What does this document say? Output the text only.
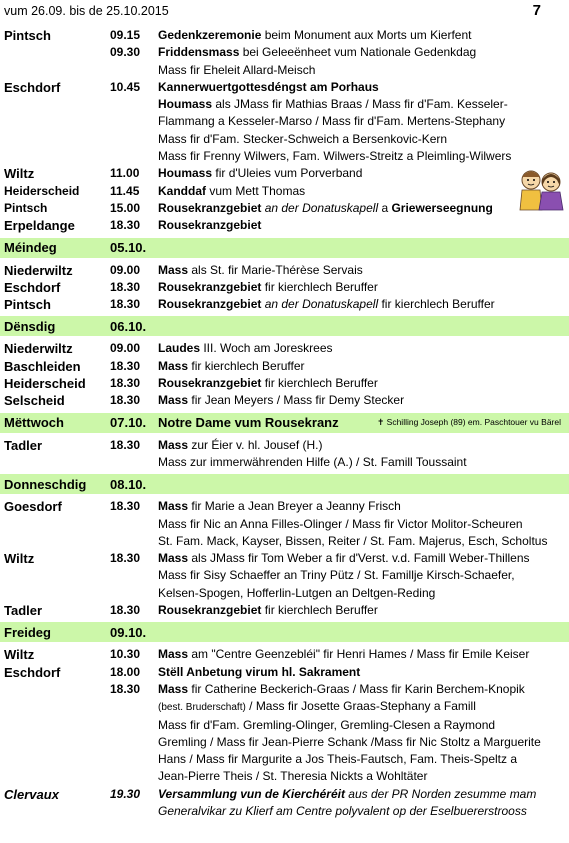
vum 26.09. bis de 25.10.2015	7
Pintsch	09.15	Gedenkzeremonie beim Monument aux Morts um Kierfent
09.30	Friddensmass bei Geleeënheet vum Nationale Gedenkdag
Mass fir Eheleit Allard-Meisch
Eschdorf	10.45	Kannerwuertgottesdéngst am Porhaus
Houmass als JMass fir Mathias Braas / Mass fir d'Fam. Kesseler-
Flammang a Kesseler-Marso / Mass fir d'Fam. Mertens-Stephany
Mass fir d'Fam. Stecker-Schweich a Bersenkovic-Kern
Mass fir Frenny Wilwers, Fam. Wilwers-Streitz a Pleimling-Wilwers
Wiltz	11.00	Houmass fir d'Uleies vum Porverband
Heiderscheid	11.45	Kanddaf vum Mett Thomas
Pintsch	15.00	Rousekranzgebiet an der Donatuskapell a Griewerseegnung
Erpeldange	18.30	Rousekranzgebiet
Méindeg	05.10.
Niederwiltz	09.00	Mass als St. fir Marie-Thérèse Servais
Eschdorf	18.30	Rousekranzgebiet fir kierchlech Beruffer
Pintsch	18.30	Rousekranzgebiet an der Donatuskapell fir kierchlech Beruffer
Dënsdig	06.10.
Niederwiltz	09.00	Laudes III. Woch am Joreskrees
Baschleiden	18.30	Mass fir kierchlech Beruffer
Heiderscheid	18.30	Rousekranzgebiet fir kierchlech Beruffer
Selscheid	18.30	Mass fir Jean Meyers / Mass fir Demy Stecker
Mëttwoch	07.10. Notre Dame vum Rousekranz	✝ Schilling Joseph (89) em. Paschtouer vu Bärel
Tadler	18.30	Mass zur Éier v. hl. Jousef (H.)
Mass zur immerwährenden Hilfe (A.) / St. Famill Toussaint
Donneschdig	08.10.
Goesdorf	18.30	Mass fir Marie a Jean Breyer a Jeanny Frisch
Mass fir Nic an Anna Filles-Olinger / Mass fir Victor Molitor-Scheuren
St. Fam. Mack, Kayser, Bissen, Reiter / St. Fam. Majerus, Esch, Scholtus
Wiltz	18.30	Mass als JMass fir Tom Weber a fir d'Verst. v.d. Famill Weber-Thillens
Mass fir Sisy Schaeffer an Triny Pütz / St. Famillje Kirsch-Schaefer,
Kelsen-Spogen, Hofferlin-Lutgen an Deltgen-Reding
Tadler	18.30	Rousekranzgebiet fir kierchlech Beruffer
Freideg	09.10.
Wiltz	10.30	Mass am "Centre Geenzebléi" fir Henri Hames / Mass fir Emile Keiser
Eschdorf	18.00	Stëll Anbetung virum hl. Sakrament
18.30	Mass fir Catherine Beckerich-Graas / Mass fir Karin Berchem-Knopik
(best. Bruderschaft) / Mass fir Josette Graas-Stephany a Famill
Mass fir d'Fam. Gremling-Olinger, Gremling-Clesen a Raymond
Gremling / Mass fir Jean-Pierre Schank /Mass fir Nic Stoltz a Marguerite
Hans / Mass fir Margurite a Jos Theis-Fautsch, Fam. Theis-Speltz a
Jean-Pierre Theis / St. Theresia Nickts a Wohltäter
Clervaux	19.30	Versammlung vun de Kierchéréit aus der PR Norden zesumme mam
Generalvikar zu Klierf am Centre polyvalent op der Eselbuererstrooss
